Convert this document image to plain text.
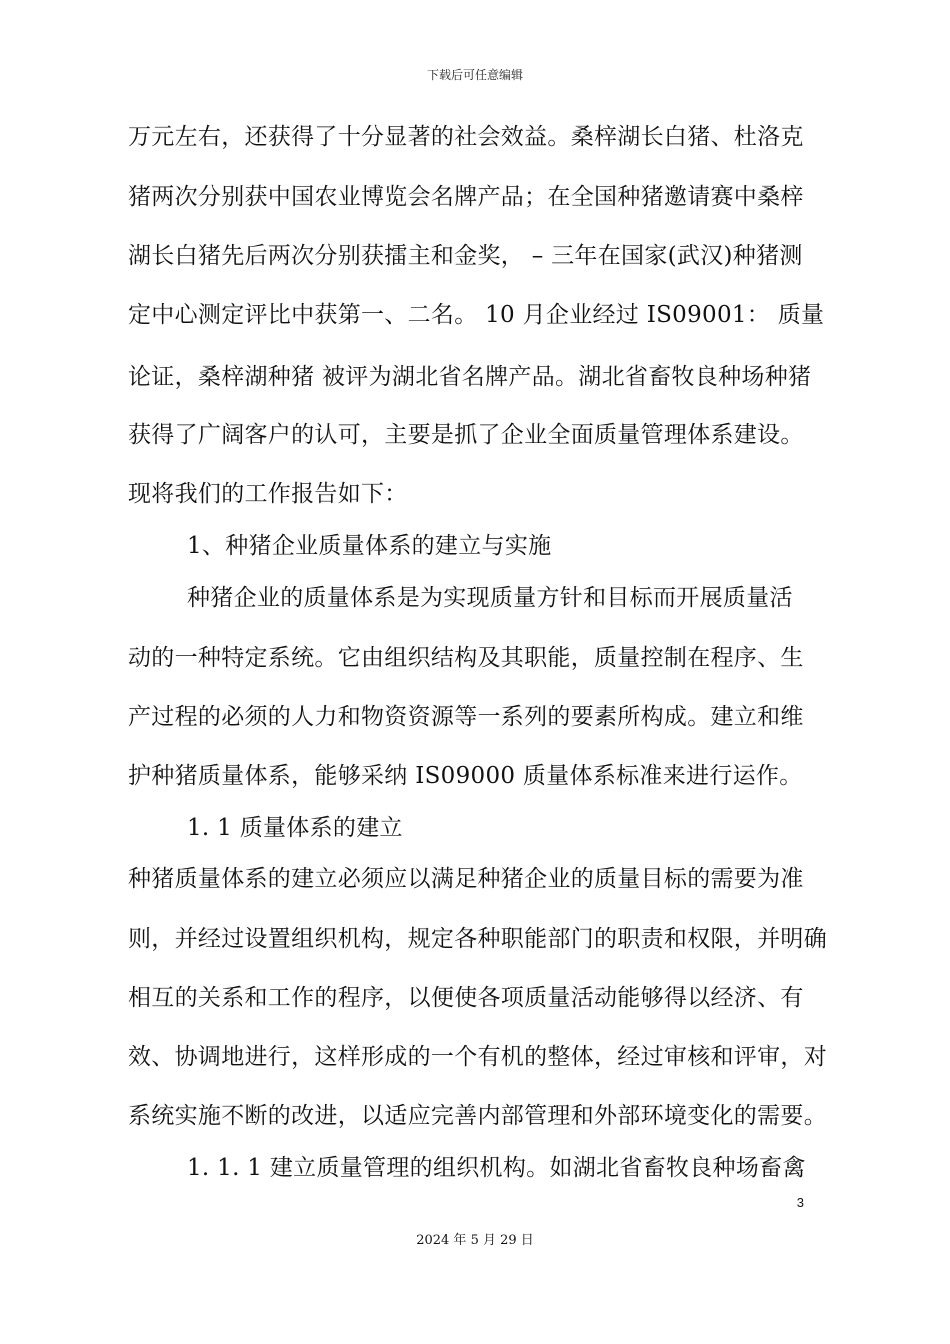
下载后可任意编辑
万元左右，还获得了十分显著的社会效益。桑梓湖长白猪、杜洛克
猪两次分别获中国农业博览会名牌产品；在全国种猪邀请赛中桑梓
湖长白猪先后两次分别获擂主和金奖， – 三年在国家(武汉)种猪测
定中心测定评比中获第一、二名。 10 月企业经过 IS09001： 质量
论证，桑梓湖种猪 被评为湖北省名牌产品。湖北省畜牧良种场种猪
获得了广阔客户的认可，主要是抓了企业全面质量管理体系建设。
现将我们的工作报告如下：
1、种猪企业质量体系的建立与实施
种猪企业的质量体系是为实现质量方针和目标而开展质量活
动的一种特定系统。它由组织结构及其职能，质量控制在程序、生
产过程的必须的人力和物资资源等一系列的要素所构成。建立和维
护种猪质量体系，能够采纳 IS09000 质量体系标准来进行运作。
1. 1 质量体系的建立
种猪质量体系的建立必须应以满足种猪企业的质量目标的需要为准
则，并经过设置组织机构，规定各种职能部门的职责和权限，并明确
相互的关系和工作的程序，以便使各项质量活动能够得以经济、有
效、协调地进行，这样形成的一个有机的整体，经过审核和评审，对
系统实施不断的改进，以适应完善内部管理和外部环境变化的需要。
1. 1. 1 建立质量管理的组织机构。如湖北省畜牧良种场畜禽
3
2024 年 5 月 29 日
